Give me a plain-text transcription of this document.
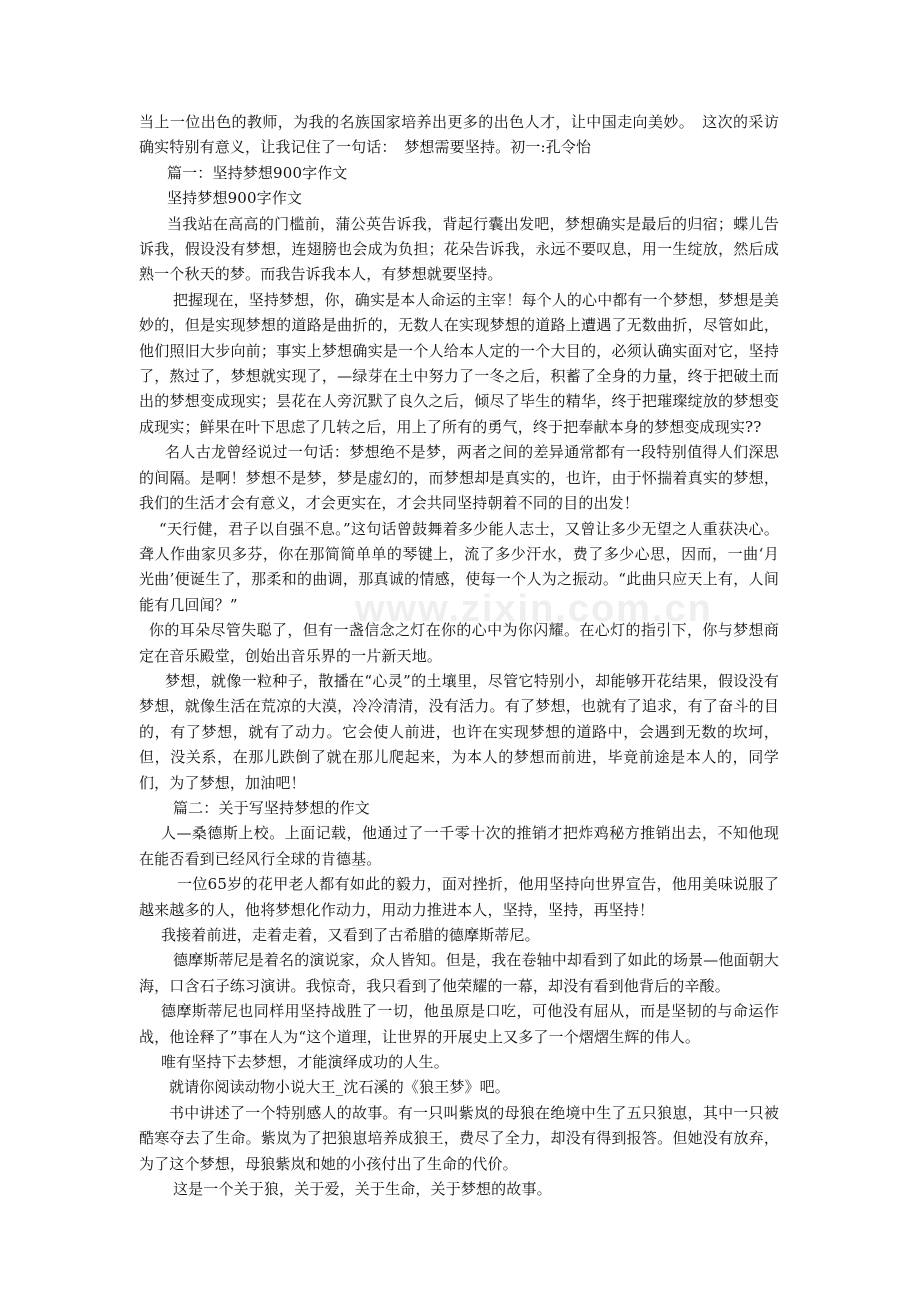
www.zixin.com.cn

当上一位出色的教师，为我的名族国家培养出更多的出色人才，让中国走向美妙。　这次的采访确实特别有意义，让我记住了一句话：　梦想需要坚持。初一:孔令怡

篇一：坚持梦想900字作文

坚持梦想900字作文

当我站在高高的门槛前，蒲公英告诉我，背起行囊出发吧，梦想确实是最后的归宿；蝶儿告诉我，假设没有梦想，连翅膀也会成为负担；花朵告诉我，永远不要叹息，用一生绽放，然后成熟一个秋天的梦。而我告诉我本人，有梦想就要坚持。

把握现在，坚持梦想，你，确实是本人命运的主宰！每个人的心中都有一个梦想，梦想是美妙的，但是实现梦想的道路是曲折的，无数人在实现梦想的道路上遭遇了无数曲折，尽管如此，他们照旧大步向前；事实上梦想确实是一个人给本人定的一个大目的，必须认确实面对它，坚持了，熬过了，梦想就实现了，—绿芽在土中努力了一冬之后，积蓄了全身的力量，终于把破土而出的梦想变成现实；昙花在人旁沉默了良久之后，倾尽了毕生的精华，终于把璀璨绽放的梦想变成现实；鲜果在叶下思虑了几转之后，用上了所有的勇气，终于把奉献本身的梦想变成现实??

名人古龙曾经说过一句话：梦想绝不是梦，两者之间的差异通常都有一段特别值得人们深思的间隔。是啊！梦想不是梦，梦是虚幻的，而梦想却是真实的，也许，由于怀揣着真实的梦想，我们的生活才会有意义，才会更实在，才会共同坚持朝着不同的目的出发！

“天行健，君子以自强不息。”这句话曾鼓舞着多少能人志士，又曾让多少无望之人重获决心。聋人作曲家贝多芬，你在那简简单单的琴键上，流了多少汗水，费了多少心思，因而，一曲‘月光曲’便诞生了，那柔和的曲调，那真诚的情感，使每一个人为之振动。“此曲只应天上有，人间能有几回闻？”

你的耳朵尽管失聪了，但有一盏信念之灯在你的心中为你闪耀。在心灯的指引下，你与梦想商定在音乐殿堂，创始出音乐界的一片新天地。

梦想，就像一粒种子，散播在“心灵”的土壤里，尽管它特别小，却能够开花结果，假设没有梦想，就像生活在荒凉的大漠，冷冷清清，没有活力。有了梦想，也就有了追求，有了奋斗的目的，有了梦想，就有了动力。它会使人前进，也许在实现梦想的道路中，会遇到无数的坎坷，但，没关系，在那儿跌倒了就在那儿爬起来，为本人的梦想而前进，毕竟前途是本人的，同学们，为了梦想，加油吧！

篇二：关于写坚持梦想的作文

人—桑德斯上校。上面记载，他通过了一千零十次的推销才把炸鸡秘方推销出去，不知他现在能否看到已经风行全球的肯德基。

一位65岁的花甲老人都有如此的毅力，面对挫折，他用坚持向世界宣告，他用美味说服了越来越多的人，他将梦想化作动力，用动力推进本人，坚持，坚持，再坚持！

我接着前进，走着走着，又看到了古希腊的德摩斯蒂尼。

德摩斯蒂尼是着名的演说家，众人皆知。但是，我在卷轴中却看到了如此的场景—他面朝大海，口含石子练习演讲。我惊奇，我只看到了他荣耀的一幕，却没有看到他背后的辛酸。

德摩斯蒂尼也同样用坚持战胜了一切，他虽原是口吃，可他没有屈从，而是坚韧的与命运作战，他诠释了”事在人为“这个道理，让世界的开展史上又多了一个熠熠生辉的伟人。

唯有坚持下去梦想，才能演绎成功的人生。

就请你阅读动物小说大王_沈石溪的《狼王梦》吧。

书中讲述了一个特别感人的故事。有一只叫紫岚的母狼在绝境中生了五只狼崽，其中一只被酷寒夺去了生命。紫岚为了把狼崽培养成狼王，费尽了全力，却没有得到报答。但她没有放弃，为了这个梦想，母狼紫岚和她的小孩付出了生命的代价。

这是一个关于狼，关于爱，关于生命，关于梦想的故事。
